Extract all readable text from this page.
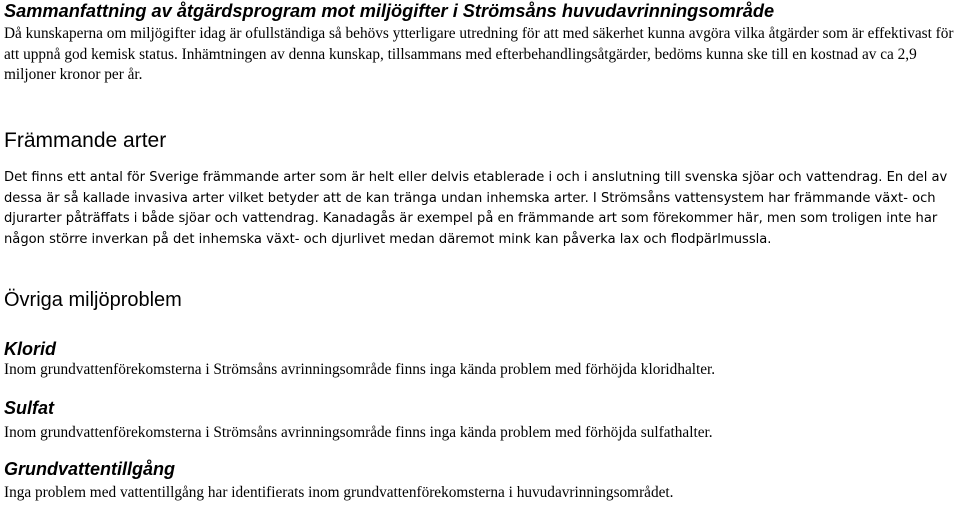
Sammanfattning av åtgärdsprogram mot miljögifter i Strömsåns huvudavrinningsområde

Då kunskaperna om miljögifter idag är ofullständiga så behövs ytterligare utredning för att med säkerhet kunna avgöra vilka åtgärder som är effektivast för att uppnå god kemisk status. Inhämtningen av denna kunskap, tillsammans med efterbehandlingsåtgärder, bedöms kunna ske till en kostnad av ca 2,9 miljoner kronor per år.

Främmande arter

Det finns ett antal för Sverige främmande arter som är helt eller delvis etablerade i och i anslutning till svenska sjöar och vattendrag. En del av dessa är så kallade invasiva arter vilket betyder att de kan tränga undan inhemska arter. I Strömsåns vattensystem har främmande växt- och djurarter påträffats i både sjöar och vattendrag. Kanadagås är exempel på en främmande art som förekommer här, men som troligen inte har någon större inverkan på det inhemska växt- och djurlivet medan däremot mink kan påverka lax och flodpärlmussla.

Övriga miljöproblem
Klorid

Inom grundvattenförekomsterna i Strömsåns avrinningsområde finns inga kända problem med förhöjda kloridhalter.

Sulfat

Inom grundvattenförekomsterna i Strömsåns avrinningsområde finns inga kända problem med förhöjda sulfathalter.

Grundvattentillgång

Inga problem med vattentillgång har identifierats inom grundvattenförekomsterna i huvudavrinningsområdet.
